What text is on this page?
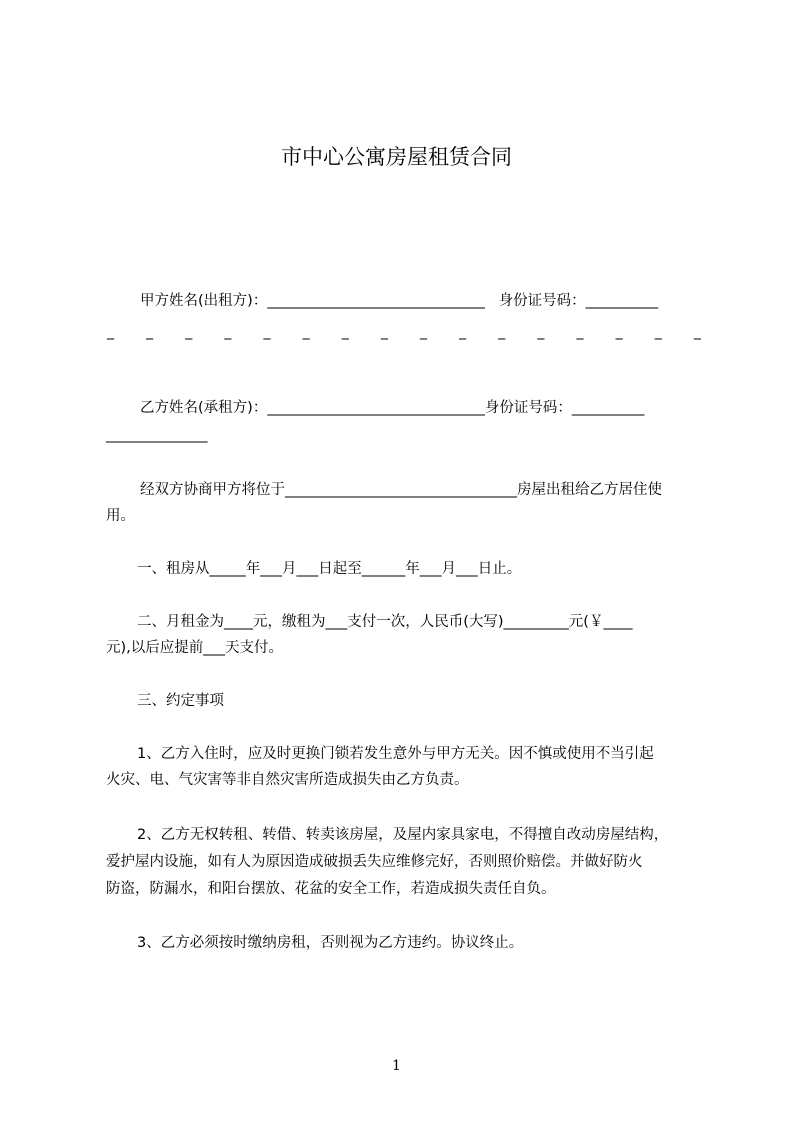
市中心公寓房屋租赁合同
甲方姓名(出租方)：______________________________   身份证号码：__________
_ _ _ _ _ _ _ _ _ _ _ _ _ _ _ _
乙方姓名(承租方)：______________________________身份证号码：__________
______________
经双方协商甲方将位于________________________________房屋出租给乙方居住使
用。
一、租房从_____年___月___日起至______年___月___日止。
二、月租金为____元，缴租为___支付一次，人民币(大写)_________元(￥____
元),以后应提前___天支付。
三、约定事项
1、乙方入住时，应及时更换门锁若发生意外与甲方无关。因不慎或使用不当引起
火灾、电、气灾害等非自然灾害所造成损失由乙方负责。
2、乙方无权转租、转借、转卖该房屋，及屋内家具家电，不得擅自改动房屋结构，
爱护屋内设施，如有人为原因造成破损丢失应维修完好，否则照价赔偿。并做好防火
防盗，防漏水，和阳台摆放、花盆的安全工作，若造成损失责任自负。
3、乙方必须按时缴纳房租，否则视为乙方违约。协议终止。
1
